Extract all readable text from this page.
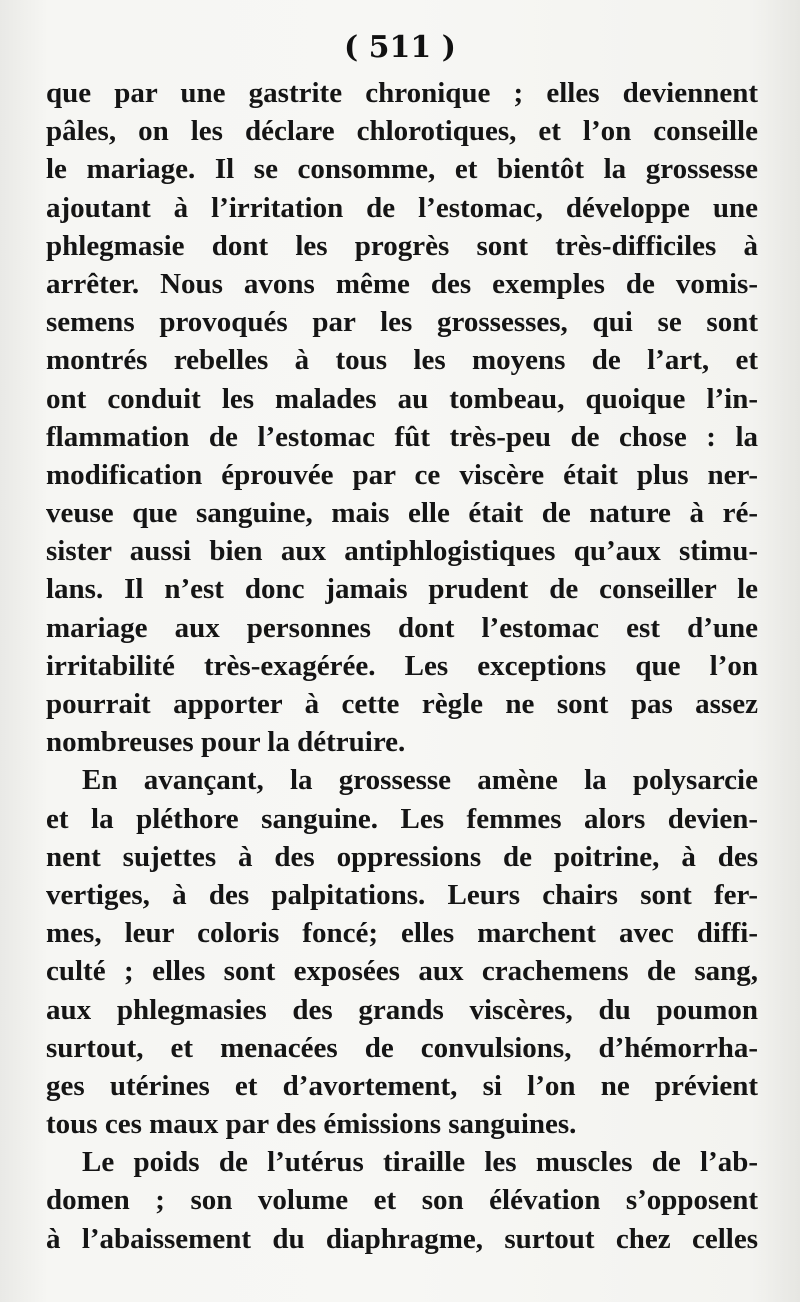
( 511 )
que par une gastrite chronique ; elles deviennent
pâles, on les déclare chlorotiques, et l’on conseille
le mariage. Il se consomme, et bientôt la grossesse
ajoutant à l’irritation de l’estomac, développe une
phlegmasie dont les progrès sont très-difficiles à
arrêter. Nous avons même des exemples de vomis-
semens provoqués par les grossesses, qui se sont
montrés rebelles à tous les moyens de l’art, et
ont conduit les malades au tombeau, quoique l’in-
flammation de l’estomac fût très-peu de chose : la
modification éprouvée par ce viscère était plus ner-
veuse que sanguine, mais elle était de nature à ré-
sister aussi bien aux antiphlogistiques qu’aux stimu-
lans. Il n’est donc jamais prudent de conseiller le
mariage aux personnes dont l’estomac est d’une
irritabilité très-exagérée. Les exceptions que l’on
pourrait apporter à cette règle ne sont pas assez
nombreuses pour la détruire.
En avançant, la grossesse amène la polysarcie
et la pléthore sanguine. Les femmes alors devien-
nent sujettes à des oppressions de poitrine, à des
vertiges, à des palpitations. Leurs chairs sont fer-
mes, leur coloris foncé; elles marchent avec diffi-
culté ; elles sont exposées aux crachemens de sang,
aux phlegmasies des grands viscères, du poumon
surtout, et menacées de convulsions, d’hémorrha-
ges utérines et d’avortement, si l’on ne prévient
tous ces maux par des émissions sanguines.
Le poids de l’utérus tiraille les muscles de l’ab-
domen ; son volume et son élévation s’opposent
à l’abaissement du diaphragme, surtout chez celles
